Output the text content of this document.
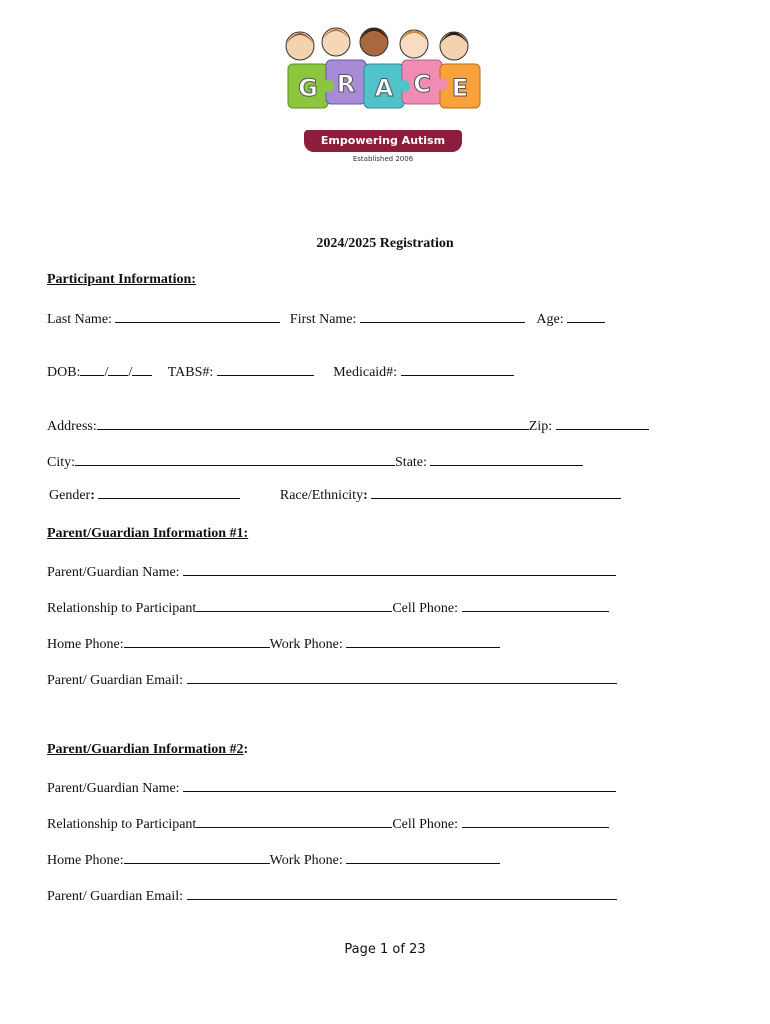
G R A C E
Empowering Autism
Established 2006
2024/2025 Registration
Participant Information:
Last Name:	First Name:	Age:
DOB: / /	TABS#:	Medicaid#:
Address:	Zip:
City:	State:
Gender:	Race/Ethnicity:
Parent/Guardian Information #1:
Parent/Guardian Name:
Relationship to Participant	Cell Phone:
Home Phone:	Work Phone:
Parent/ Guardian Email:
Parent/Guardian Information #2:
Parent/Guardian Name:
Relationship to Participant	Cell Phone:
Home Phone:	Work Phone:
Parent/ Guardian Email:
Page 1 of 23
